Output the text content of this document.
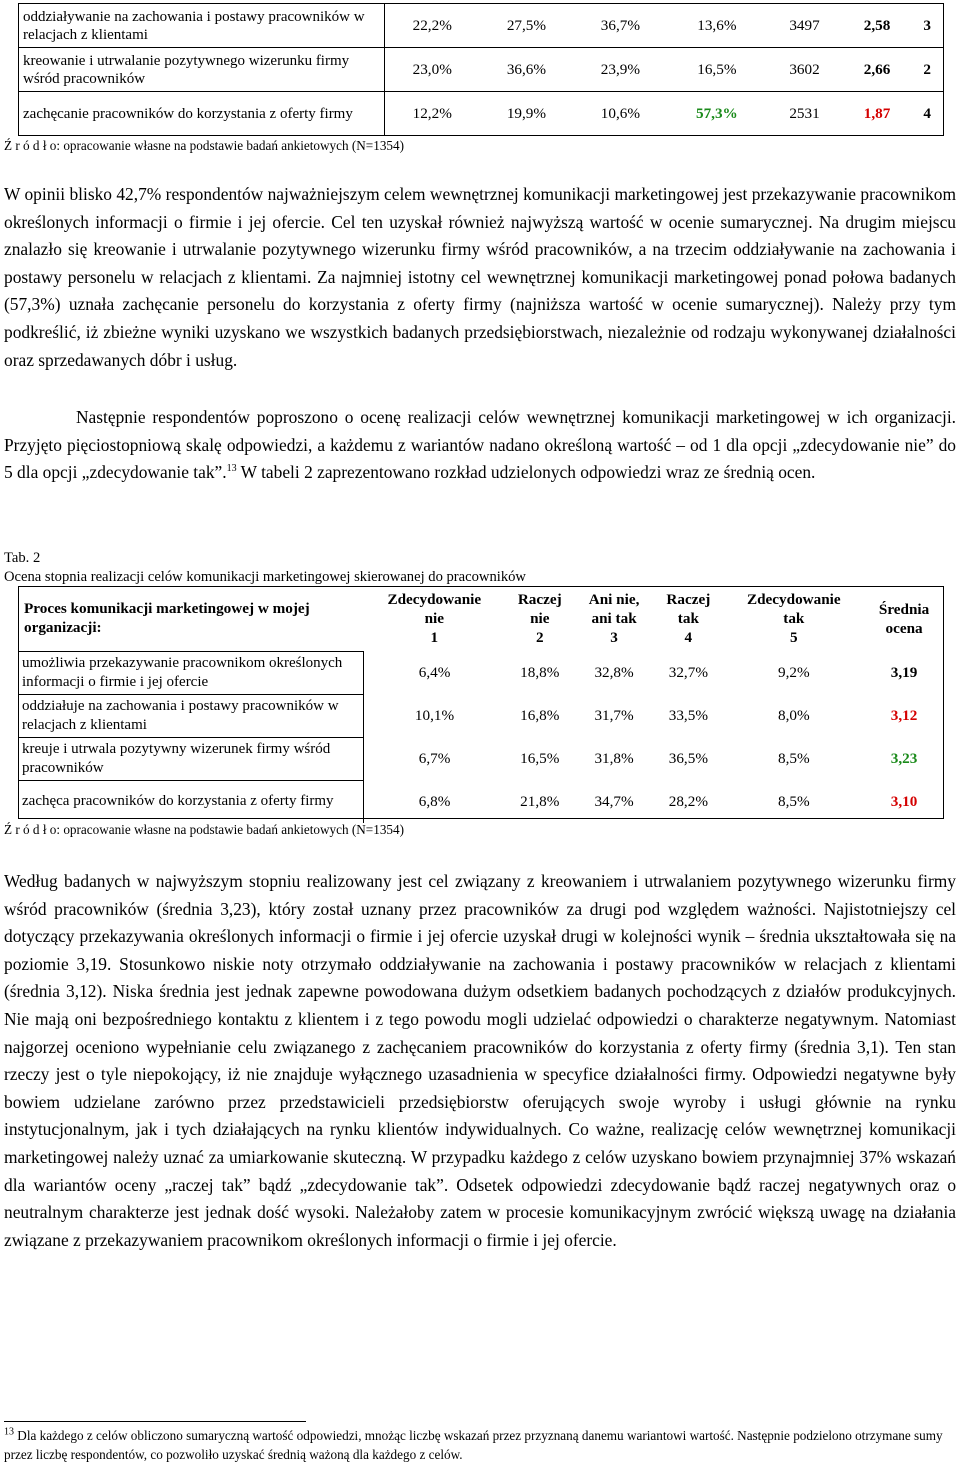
oddziaływanie na zachowania i postawy pracowników w relacjach z klientami	22,2%	27,5%	36,7%	13,6%	3497	2,58	3
kreowanie i utrwalanie pozytywnego wizerunku firmy wśród pracowników	23,0%	36,6%	23,9%	16,5%	3602	2,66	2
zachęcanie pracowników do korzystania z oferty firmy	12,2%	19,9%	10,6%	57,3%	2531	1,87	4
Ź r ó d ł o: opracowanie własne na podstawie badań ankietowych (N=1354)

W opinii blisko 42,7% respondentów najważniejszym celem wewnętrznej komunikacji marketingowej jest przekazywanie pracownikom określonych informacji o firmie i jej ofercie. Cel ten uzyskał również najwyższą wartość w ocenie sumarycznej. Na drugim miejscu znalazło się kreowanie i utrwalanie pozytywnego wizerunku firmy wśród pracowników, a na trzecim oddziaływanie na zachowania i postawy personelu w relacjach z klientami. Za najmniej istotny cel wewnętrznej komunikacji marketingowej ponad połowa badanych (57,3%) uznała zachęcanie personelu do korzystania z oferty firmy (najniższa wartość w ocenie sumarycznej). Należy przy tym podkreślić, iż zbieżne wyniki uzyskano we wszystkich badanych przedsiębiorstwach, niezależnie od rodzaju wykonywanej działalności oraz sprzedawanych dóbr i usług.

Następnie respondentów poproszono o ocenę realizacji celów wewnętrznej komunikacji marketingowej w ich organizacji. Przyjęto pięciostopniową skalę odpowiedzi, a każdemu z wariantów nadano określoną wartość – od 1 dla opcji „zdecydowanie nie” do 5 dla opcji „zdecydowanie tak”.$^{13}$ W tabeli 2 zaprezentowano rozkład udzielonych odpowiedzi wraz ze średnią ocen.

Tab. 2
Ocena stopnia realizacji celów komunikacji marketingowej skierowanej do pracowników
Proces komunikacji marketingowej w mojej organizacji:	Zdecydowanie
nie
1	Raczej
nie
2	Ani nie,
ani tak
3	Raczej
tak
4	Zdecydowanie
tak
5	Średnia
ocena
umożliwia przekazywanie pracownikom określonych informacji o firmie i jej ofercie	6,4%	18,8%	32,8%	32,7%	9,2%	3,19
oddziałuje na zachowania i postawy pracowników w relacjach z klientami	10,1%	16,8%	31,7%	33,5%	8,0%	3,12
kreuje i utrwala pozytywny wizerunek firmy wśród pracowników	6,7%	16,5%	31,8%	36,5%	8,5%	3,23
zachęca pracowników do korzystania z oferty firmy	6,8%	21,8%	34,7%	28,2%	8,5%	3,10
Ź r ó d ł o: opracowanie własne na podstawie badań ankietowych (N=1354)

Według badanych w najwyższym stopniu realizowany jest cel związany z kreowaniem i utrwalaniem pozytywnego wizerunku firmy wśród pracowników (średnia 3,23), który został uznany przez pracowników za drugi pod względem ważności. Najistotniejszy cel dotyczący przekazywania określonych informacji o firmie i jej ofercie uzyskał drugi w kolejności wynik – średnia ukształtowała się na poziomie 3,19. Stosunkowo niskie noty otrzymało oddziaływanie na zachowania i postawy pracowników w relacjach z klientami (średnia 3,12). Niska średnia jest jednak zapewne powodowana dużym odsetkiem badanych pochodzących z działów produkcyjnych. Nie mają oni bezpośredniego kontaktu z klientem i z tego powodu mogli udzielać odpowiedzi o charakterze negatywnym. Natomiast najgorzej oceniono wypełnianie celu związanego z zachęcaniem pracowników do korzystania z oferty firmy (średnia 3,1). Ten stan rzeczy jest o tyle niepokojący, iż nie znajduje wyłącznego uzasadnienia w specyfice działalności firmy. Odpowiedzi negatywne były bowiem udzielane zarówno przez przedstawicieli przedsiębiorstw oferujących swoje wyroby i usługi głównie na rynku instytucjonalnym, jak i tych działających na rynku klientów indywidualnych. Co ważne, realizację celów wewnętrznej komunikacji marketingowej należy uznać za umiarkowanie skuteczną. W przypadku każdego z celów uzyskano bowiem przynajmniej 37% wskazań dla wariantów oceny „raczej tak” bądź „zdecydowanie tak”. Odsetek odpowiedzi zdecydowanie bądź raczej negatywnych oraz o neutralnym charakterze jest jednak dość wysoki. Należałoby zatem w procesie komunikacyjnym zwrócić większą uwagę na działania związane z przekazywaniem pracownikom określonych informacji o firmie i jej ofercie.

$^{13}$ Dla każdego z celów obliczono sumaryczną wartość odpowiedzi, mnożąc liczbę wskazań przez przyznaną danemu wariantowi wartość. Następnie podzielono otrzymane sumy przez liczbę respondentów, co pozwoliło uzyskać średnią ważoną dla każdego z celów.
